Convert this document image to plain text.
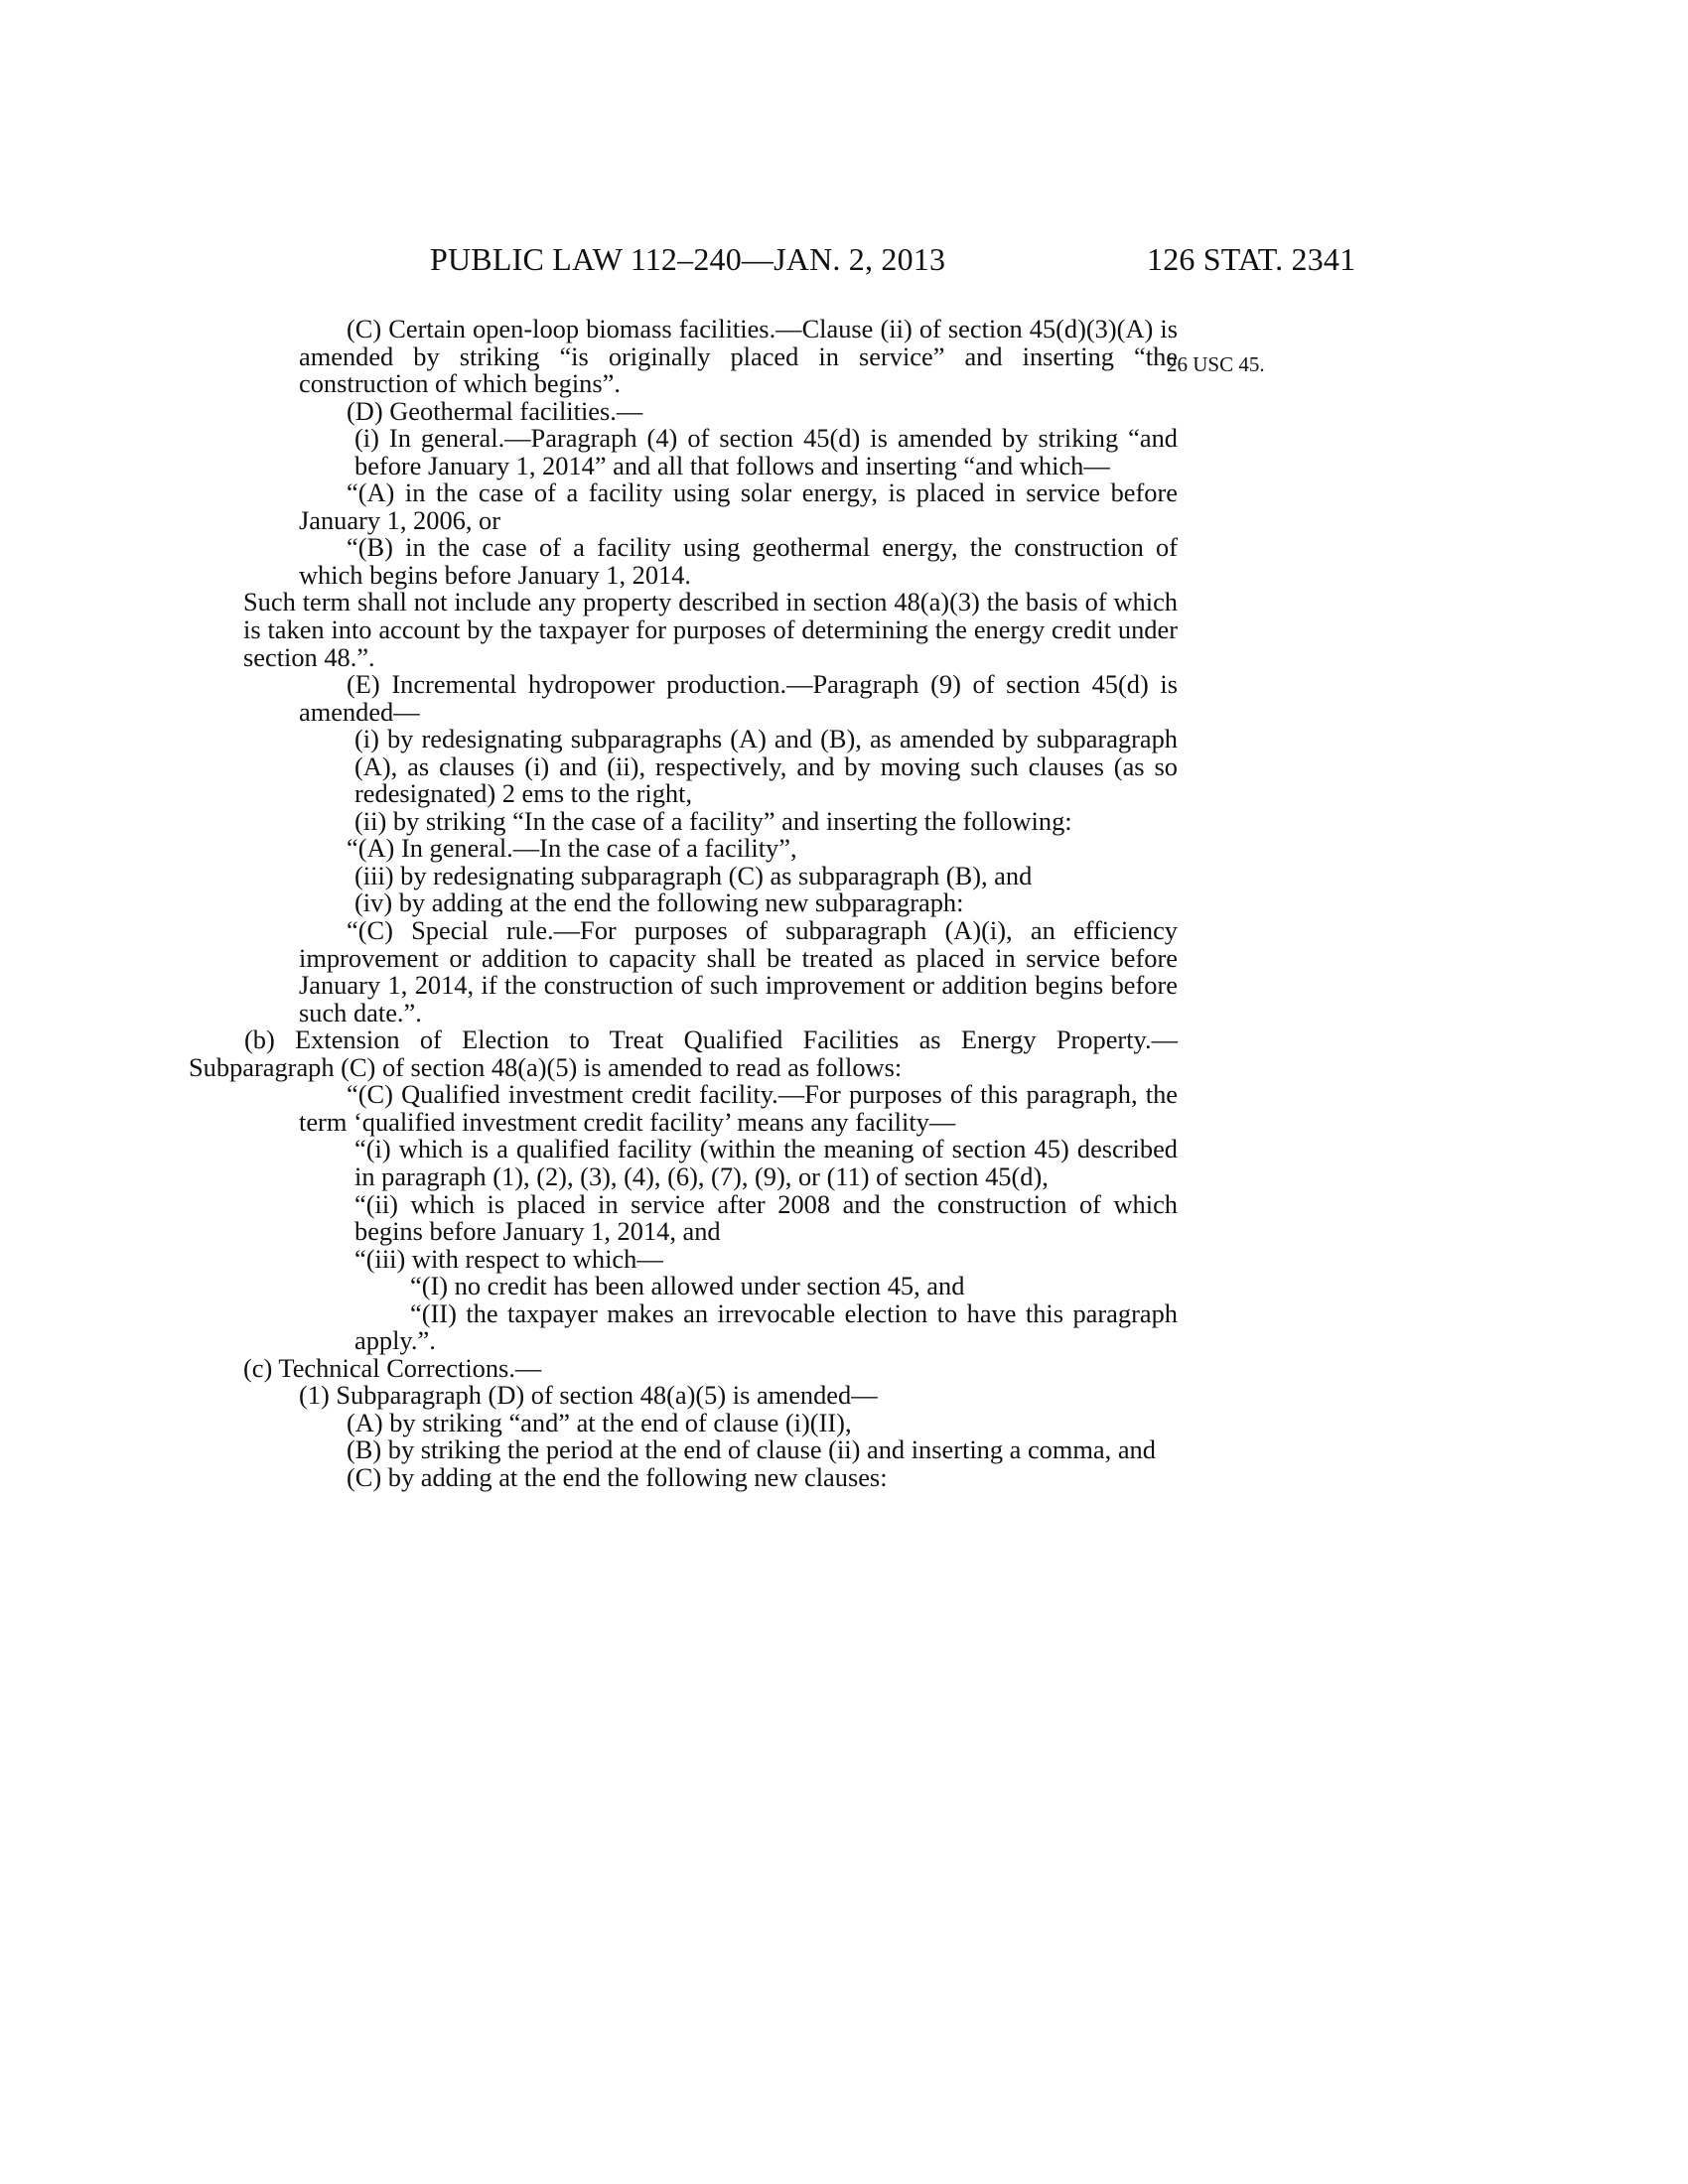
PUBLIC LAW 112–240—JAN. 2, 2013	126 STAT. 2341
26 USC 45.

(C) Certain open-loop biomass facilities.—Clause (ii) of section 45(d)(3)(A) is amended by striking “is originally placed in service” and inserting “the construction of which begins”.

(D) Geothermal facilities.—

(i) In general.—Paragraph (4) of section 45(d) is amended by striking “and before January 1, 2014” and all that follows and inserting “and which—

“(A) in the case of a facility using solar energy, is placed in service before January 1, 2006, or

“(B) in the case of a facility using geothermal energy, the construction of which begins before January 1, 2014.

Such term shall not include any property described in section 48(a)(3) the basis of which is taken into account by the taxpayer for purposes of determining the energy credit under section 48.”.

(E) Incremental hydropower production.—Paragraph (9) of section 45(d) is amended—

(i) by redesignating subparagraphs (A) and (B), as amended by subparagraph (A), as clauses (i) and (ii), respectively, and by moving such clauses (as so redesignated) 2 ems to the right,

(ii) by striking “In the case of a facility” and inserting the following:

“(A) In general.—In the case of a facility”,

(iii) by redesignating subparagraph (C) as subparagraph (B), and

(iv) by adding at the end the following new subparagraph:

“(C) Special rule.—For purposes of subparagraph (A)(i), an efficiency improvement or addition to capacity shall be treated as placed in service before January 1, 2014, if the construction of such improvement or addition begins before such date.”.

(b) Extension of Election to Treat Qualified Facilities as Energy Property.—Subparagraph (C) of section 48(a)(5) is amended to read as follows:

“(C) Qualified investment credit facility.—For purposes of this paragraph, the term ‘qualified investment credit facility’ means any facility—

“(i) which is a qualified facility (within the meaning of section 45) described in paragraph (1), (2), (3), (4), (6), (7), (9), or (11) of section 45(d),

“(ii) which is placed in service after 2008 and the construction of which begins before January 1, 2014, and

“(iii) with respect to which—

“(I) no credit has been allowed under section 45, and

“(II) the taxpayer makes an irrevocable election to have this paragraph apply.”.

(c) Technical Corrections.—

(1) Subparagraph (D) of section 48(a)(5) is amended—

(A) by striking “and” at the end of clause (i)(II),

(B) by striking the period at the end of clause (ii) and inserting a comma, and

(C) by adding at the end the following new clauses:
